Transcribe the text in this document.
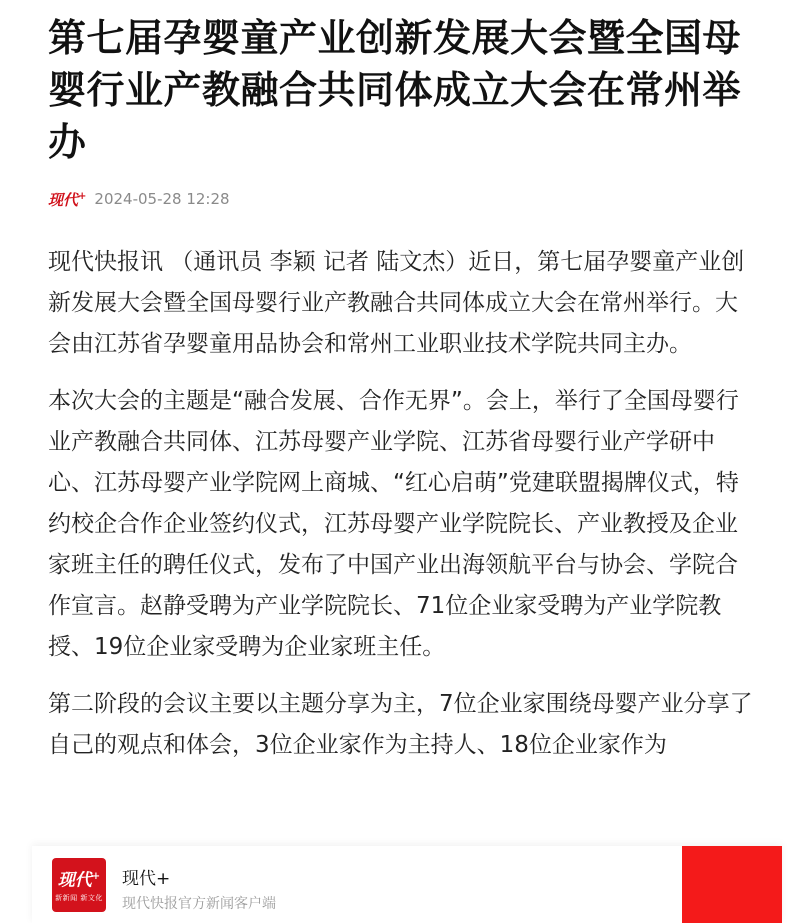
第七届孕婴童产业创新发展大会暨全国母婴行业产教融合共同体成立大会在常州举办
现代+ 2024-05-28 12:28

现代快报讯 （通讯员 李颖 记者 陆文杰）近日，第七届孕婴童产业创新发展大会暨全国母婴行业产教融合共同体成立大会在常州举行。大会由江苏省孕婴童用品协会和常州工业职业技术学院共同主办。

本次大会的主题是“融合发展、合作无界”。会上，举行了全国母婴行业产教融合共同体、江苏母婴产业学院、江苏省母婴行业产学研中心、江苏母婴产业学院网上商城、“红心启萌”党建联盟揭牌仪式，特约校企合作企业签约仪式，江苏母婴产业学院院长、产业教授及企业家班主任的聘任仪式，发布了中国产业出海领航平台与协会、学院合作宣言。赵静受聘为产业学院院长、71位企业家受聘为产业学院教授、19位企业家受聘为企业家班主任。

第二阶段的会议主要以主题分享为主，7位企业家围绕母婴产业分享了自己的观点和体会，3位企业家作为主持人、18位企业家作为

现代+
新新闻 新文化
现代+
现代快报官方新闻客户端
